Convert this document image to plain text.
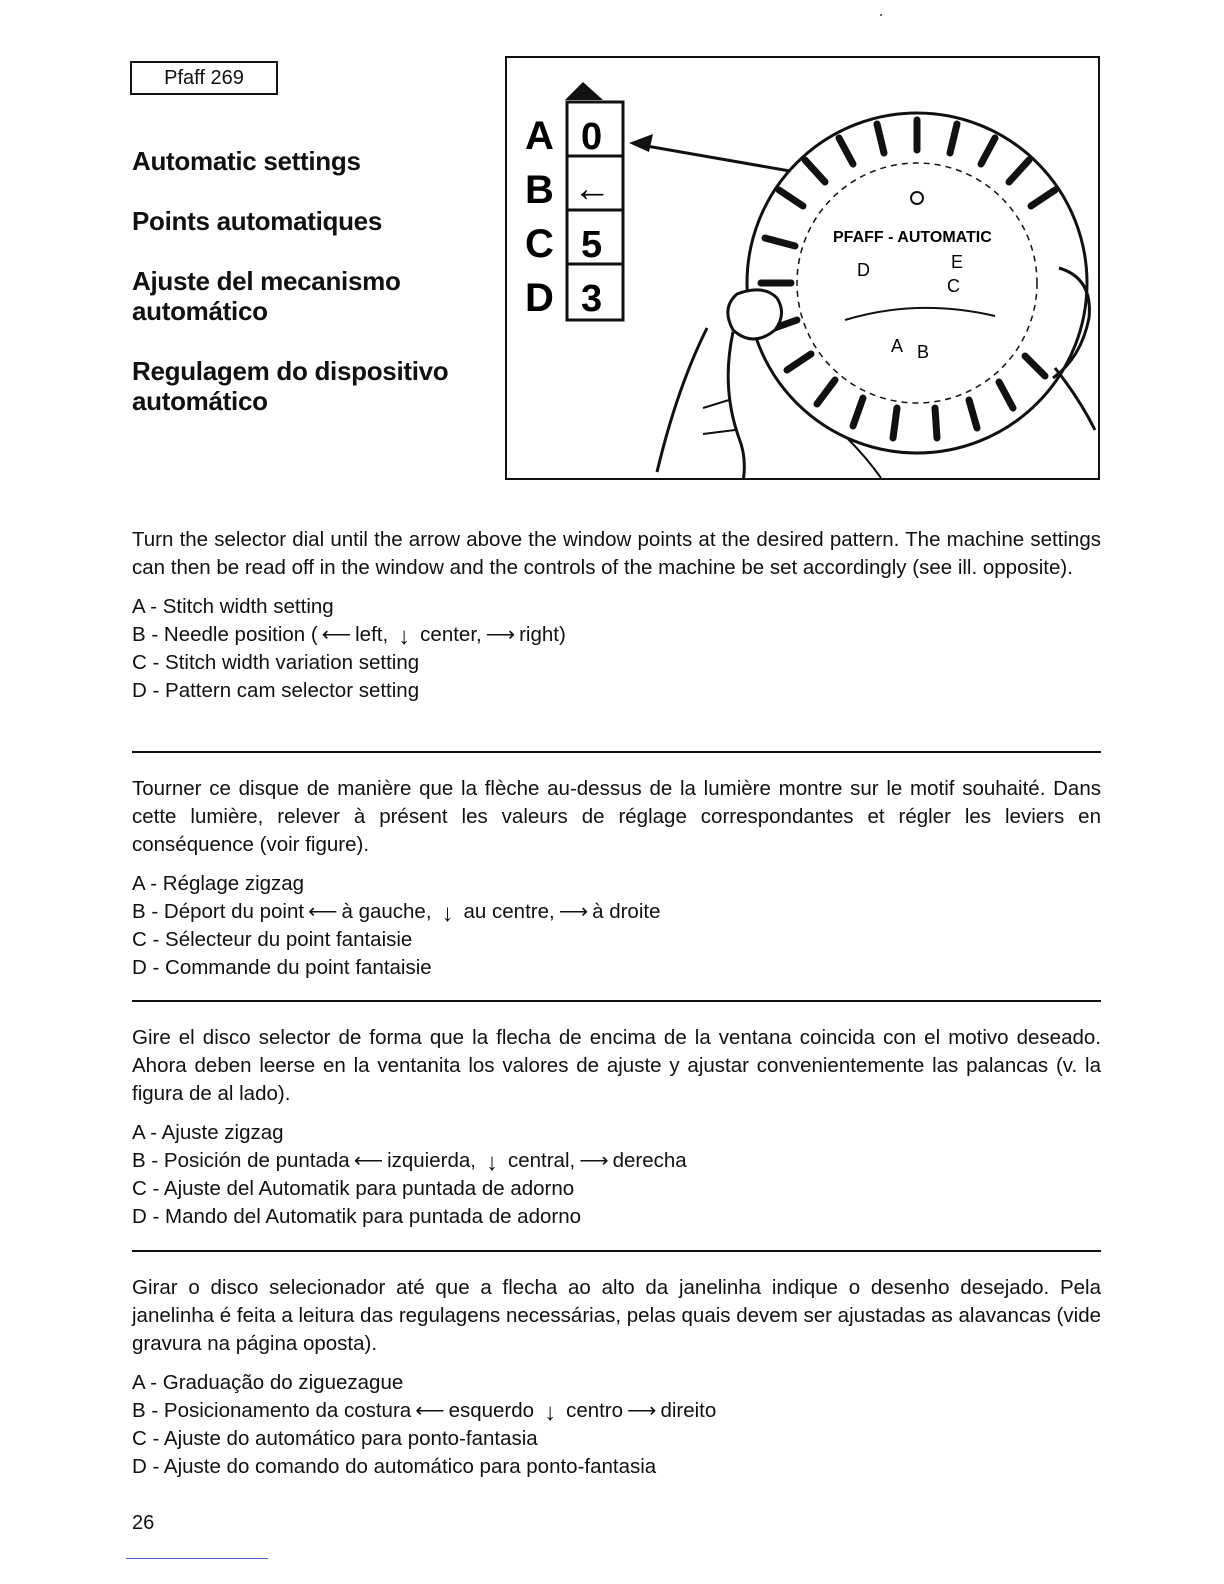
Pfaff 269
Automatic settings
Points automatiques
Ajuste del mecanismo automático
Regulagem do dispositivo automático
A
B
C
D
0
←
5
3
PFAFF - AUTOMATIC
D	E
C
A B

Turn the selector dial until the arrow above the window points at the desired pattern. The machine settings can then be read off in the window and the controls of the machine be set accordingly (see ill. opposite).

A - Stitch width setting
B - Needle position ( ⟵ left, ↓ center, ⟶ right)
C - Stitch width variation setting
D - Pattern cam selector setting

Tourner ce disque de manière que la flèche au-dessus de la lumière montre sur le motif souhaité. Dans cette lumière, relever à présent les valeurs de réglage correspondantes et régler les leviers en conséquence (voir figure).

A - Réglage zigzag
B - Déport du point ⟵ à gauche, ↓ au centre, ⟶ à droite
C - Sélecteur du point fantaisie
D - Commande du point fantaisie

Gire el disco selector de forma que la flecha de encima de la ventana coincida con el motivo deseado. Ahora deben leerse en la ventanita los valores de ajuste y ajustar convenientemente las palancas (v. la figura de al lado).

A - Ajuste zigzag
B - Posición de puntada ⟵ izquierda, ↓ central, ⟶ derecha
C - Ajuste del Automatik para puntada de adorno
D - Mando del Automatik para puntada de adorno

Girar o disco selecionador até que a flecha ao alto da janelinha indique o desenho desejado. Pela janelinha é feita a leitura das regulagens necessárias, pelas quais devem ser ajustadas as alavancas (vide gravura na página oposta).

A - Graduação do ziguezague
B - Posicionamento da costura ⟵ esquerdo ↓ centro ⟶ direito
C - Ajuste do automático para ponto-fantasia
D - Ajuste do comando do automático para ponto-fantasia
26
